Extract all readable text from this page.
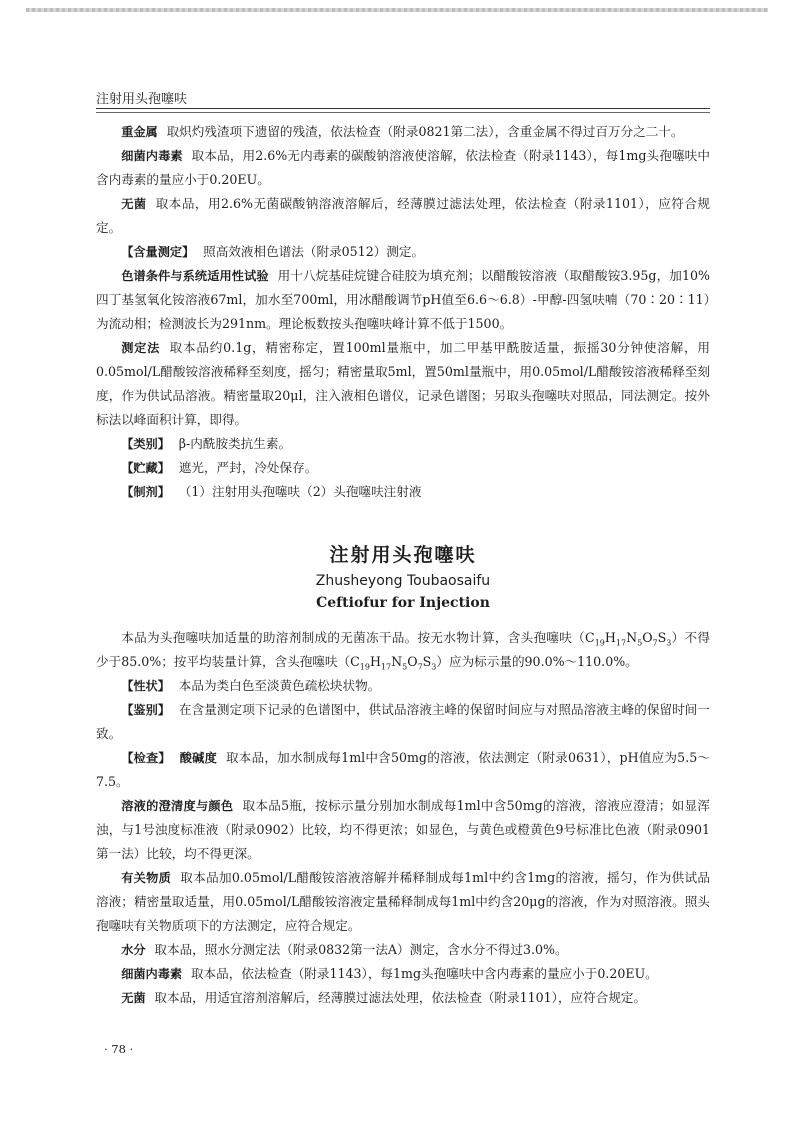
注射用头孢噻呋

重金属 取炽灼残渣项下遗留的残渣，依法检查（附录0821第二法），含重金属不得过百万分之二十。

细菌内毒素 取本品，用2.6%无内毒素的碳酸钠溶液使溶解，依法检查（附录1143），每1mg头孢噻呋中含内毒素的量应小于0.20EU。

无菌 取本品，用2.6%无菌碳酸钠溶液溶解后，经薄膜过滤法处理，依法检查（附录1101），应符合规定。

【含量测定】 照高效液相色谱法（附录0512）测定。

色谱条件与系统适用性试验 用十八烷基硅烷键合硅胶为填充剂；以醋酸铵溶液（取醋酸铵3.95g，加10%四丁基氢氧化铵溶液67ml，加水至700ml，用冰醋酸调节pH值至6.6～6.8）-甲醇-四氢呋喃（70∶20∶11）为流动相；检测波长为291nm。理论板数按头孢噻呋峰计算不低于1500。

测定法 取本品约0.1g，精密称定，置100ml量瓶中，加二甲基甲酰胺适量，振摇30分钟使溶解，用0.05mol/L醋酸铵溶液稀释至刻度，摇匀；精密量取5ml，置50ml量瓶中，用0.05mol/L醋酸铵溶液稀释至刻度，作为供试品溶液。精密量取20μl，注入液相色谱仪，记录色谱图；另取头孢噻呋对照品，同法测定。按外标法以峰面积计算，即得。

【类别】 β-内酰胺类抗生素。

【贮藏】 遮光，严封，冷处保存。

【制剂】 （1）注射用头孢噻呋（2）头孢噻呋注射液

注射用头孢噻呋
Zhusheyong Toubaosaifu
Ceftiofur for Injection

本品为头孢噻呋加适量的助溶剂制成的无菌冻干品。按无水物计算，含头孢噻呋$(C_{19}H_{17}N_5O_7S_3)$不得少于85.0%；按平均装量计算，含头孢噻呋$(C_{19}H_{17}N_5O_7S_3)$应为标示量的90.0%～110.0%。

【性状】 本品为类白色至淡黄色疏松块状物。

【鉴别】 在含量测定项下记录的色谱图中，供试品溶液主峰的保留时间应与对照品溶液主峰的保留时间一致。

【检查】 酸碱度 取本品，加水制成每1ml中含50mg的溶液，依法测定（附录0631），pH值应为5.5～7.5。

溶液的澄清度与颜色 取本品5瓶，按标示量分别加水制成每1ml中含50mg的溶液，溶液应澄清；如显浑浊，与1号浊度标准液（附录0902）比较，均不得更浓；如显色，与黄色或橙黄色9号标准比色液（附录0901第一法）比较，均不得更深。

有关物质 取本品加0.05mol/L醋酸铵溶液溶解并稀释制成每1ml中约含1mg的溶液，摇匀，作为供试品溶液；精密量取适量，用0.05mol/L醋酸铵溶液定量稀释制成每1ml中约含20μg的溶液，作为对照溶液。照头孢噻呋有关物质项下的方法测定，应符合规定。

水分 取本品，照水分测定法（附录0832第一法A）测定，含水分不得过3.0%。

细菌内毒素 取本品，依法检查（附录1143），每1mg头孢噻呋中含内毒素的量应小于0.20EU。

无菌 取本品，用适宜溶剂溶解后，经薄膜过滤法处理，依法检查（附录1101），应符合规定。

· 78 ·
